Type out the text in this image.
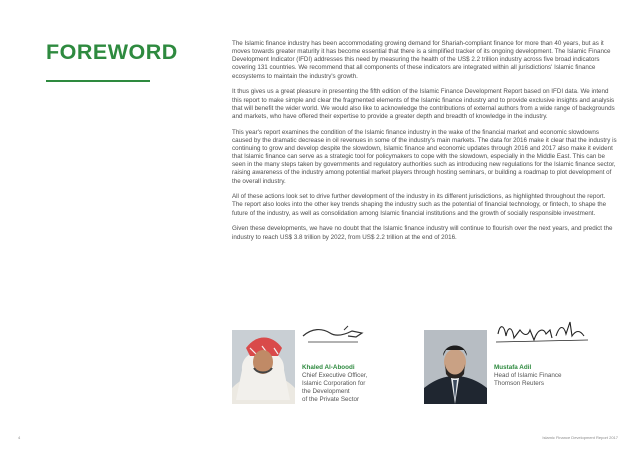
FOREWORD	The Islamic finance industry has been accommodating growing demand for Shariah-compliant finance for more than 40 years, but as it moves towards greater maturity it has become essential that there is a simplified tracker of its ongoing development. The Islamic Finance Development Indicator (IFDI) addresses this need by measuring the health of the US$ 2.2 trillion industry across five broad indicators covering 131 countries. We recommend that all components of these indicators are integrated within all jurisdictions' Islamic finance ecosystems to maintain the industry's growth.

It thus gives us a great pleasure in presenting the fifth edition of the Islamic Finance Development Report based on IFDI data. We intend this report to make simple and clear the fragmented elements of the Islamic finance industry and to provide exclusive insights and analysis that will benefit the wider world. We would also like to acknowledge the contributions of external authors from a wide range of backgrounds and markets, who have offered their expertise to provide a greater depth and breadth of knowledge in the industry.

This year's report examines the condition of the Islamic finance industry in the wake of the financial market and economic slowdowns caused by the dramatic decrease in oil revenues in some of the industry's main markets. The data for 2016 make it clear that the industry is continuing to grow and develop despite the slowdown, Islamic finance and economic updates through 2016 and 2017 also make it evident that Islamic finance can serve as a strategic tool for policymakers to cope with the slowdown, especially in the Middle East. This can be seen in the many steps taken by governments and regulatory authorities such as introducing new regulations for the Islamic finance sector, raising awareness of the industry among potential market players through hosting seminars, or building a roadmap to plot development of the overall industry.

All of these actions look set to drive further development of the industry in its different jurisdictions, as highlighted throughout the report. The report also looks into the other key trends shaping the industry such as the potential of financial technology, or fintech, to shape the future of the industry, as well as consolidation among Islamic financial institutions and the growth of socially responsible investment.

Given these developments, we have no doubt that the Islamic finance industry will continue to flourish over the next years, and predict the industry to reach US$ 3.8 trillion by 2022, from US$ 2.2 trillion at the end of 2016.

Khaled Al-Aboodi
Chief Executive Officer,
Islamic Corporation for
the Development
of the Private Sector
Mustafa Adil
Head of Islamic Finance
Thomson Reuters
4	Islamic Finance Development Report 2017
